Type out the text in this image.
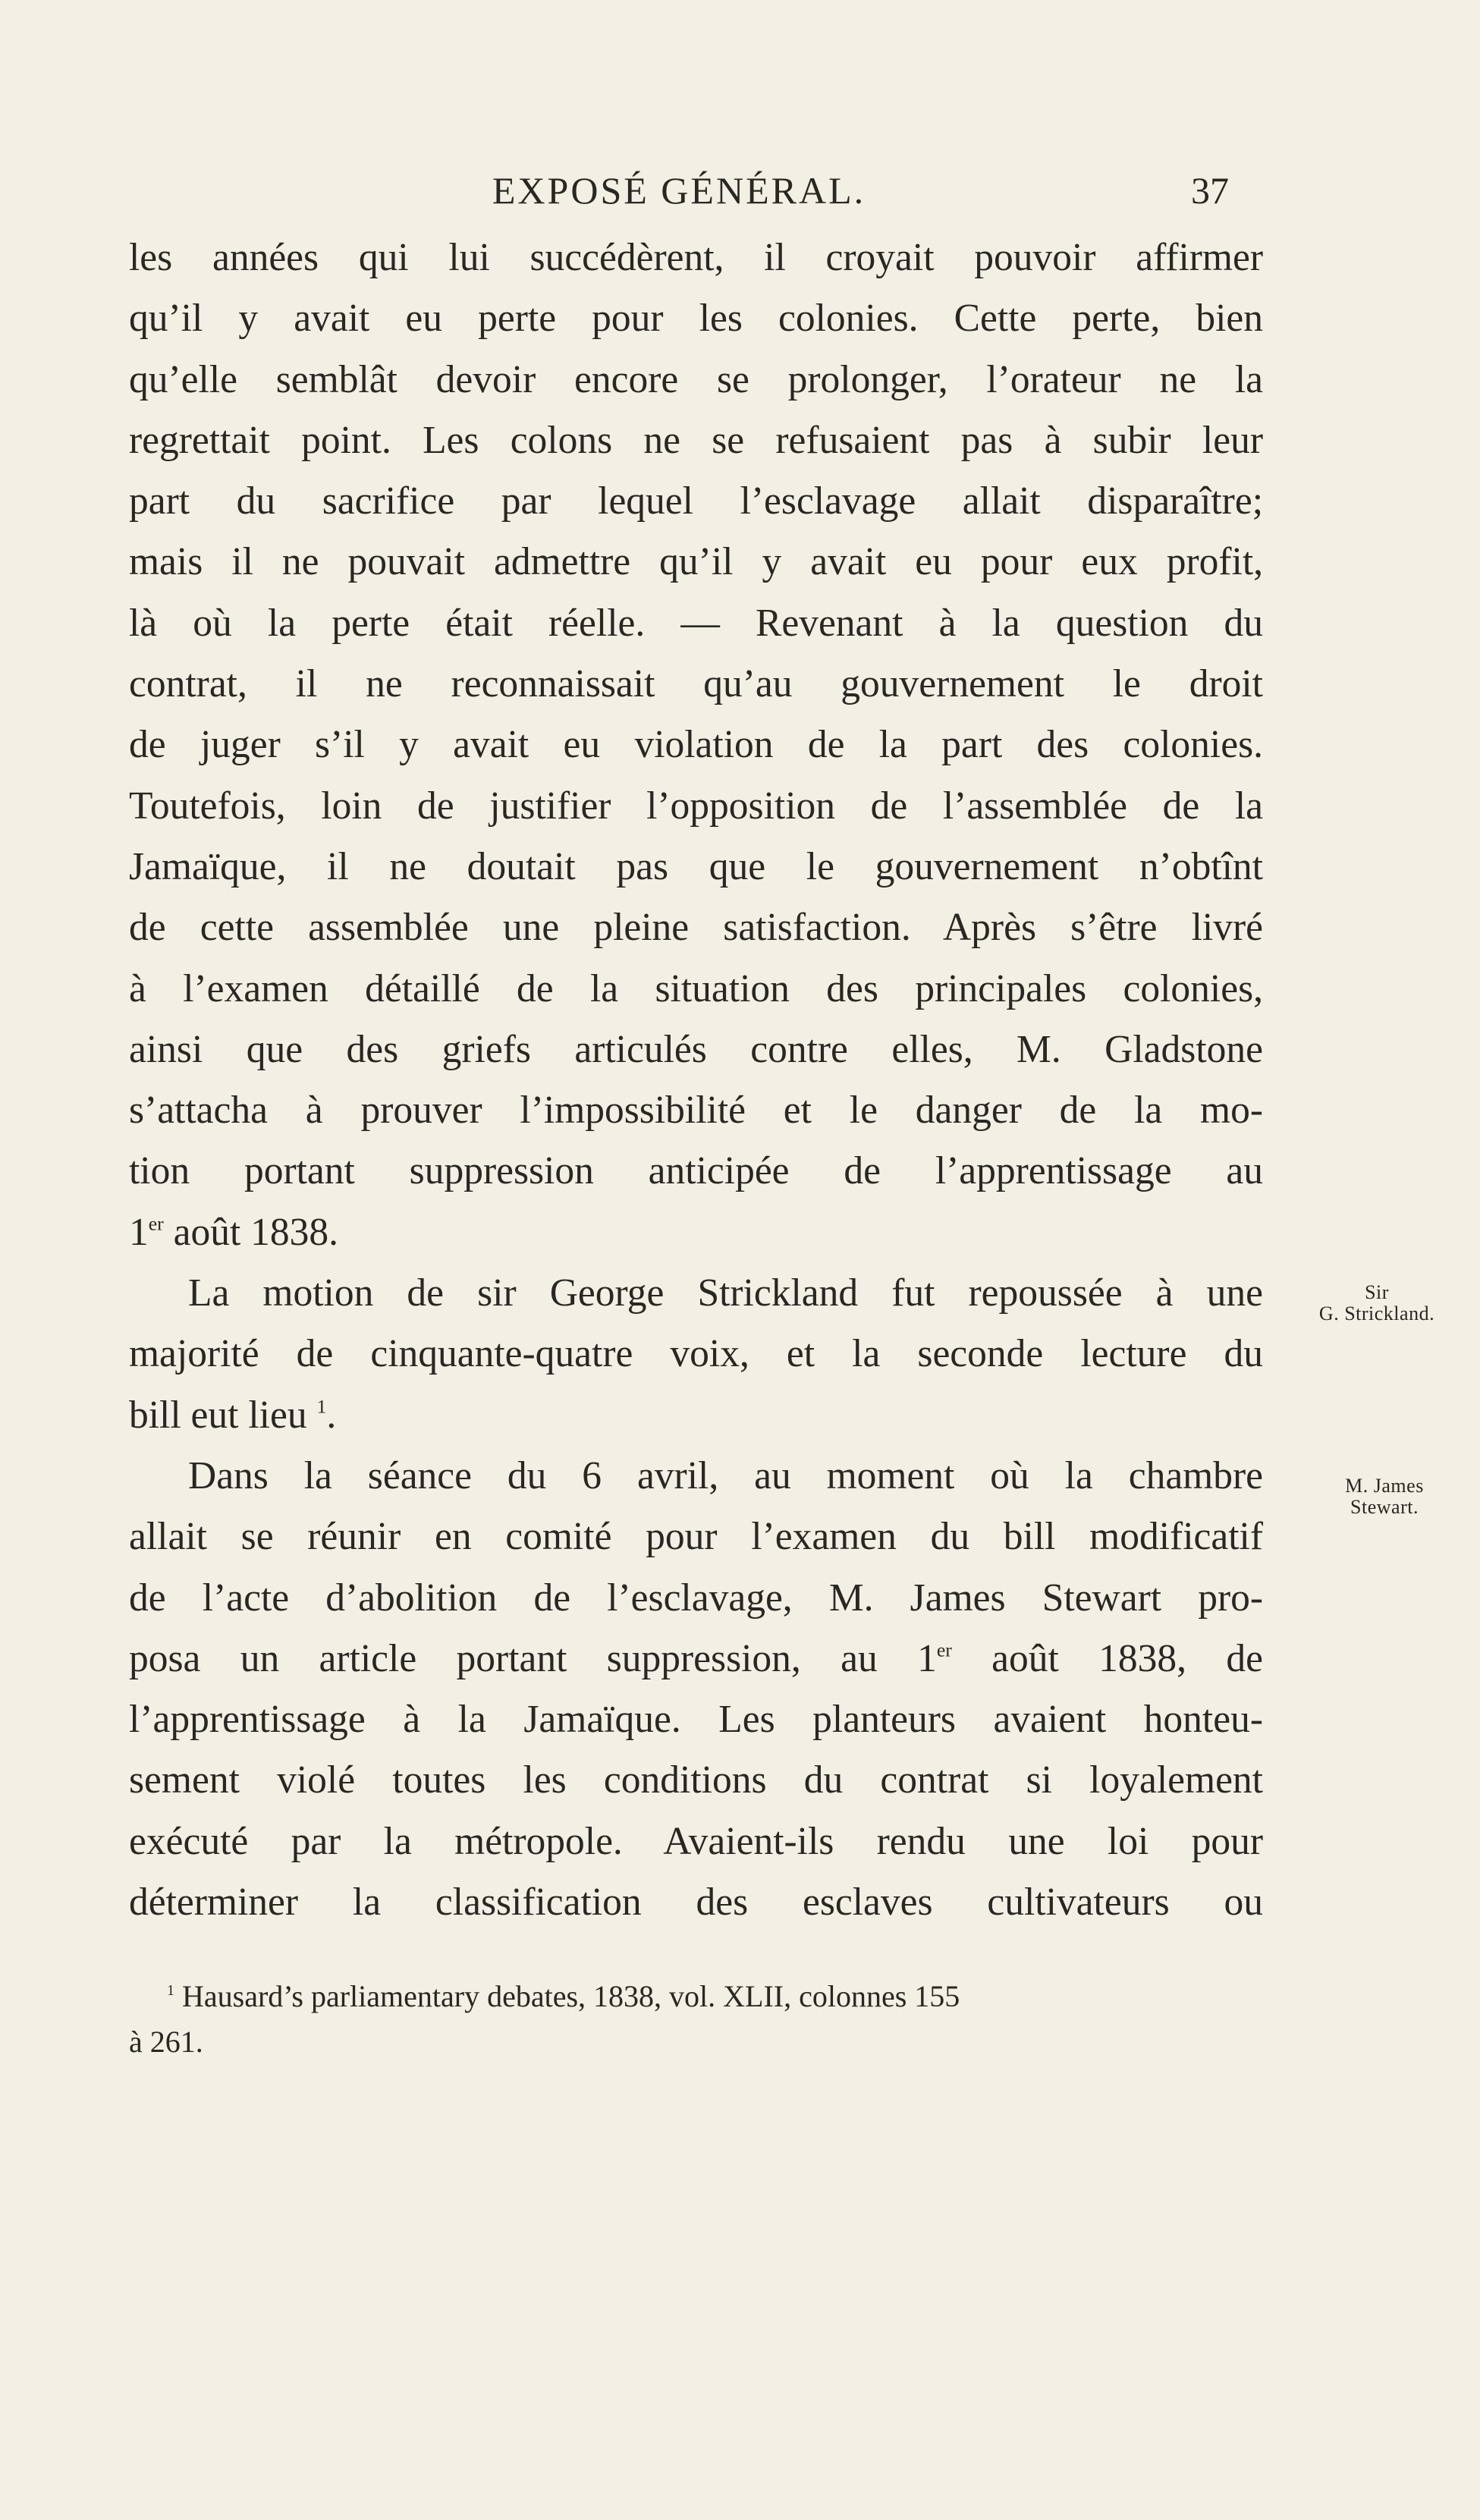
EXPOSÉ GÉNÉRAL.	37
les années qui lui succédèrent, il croyait pouvoir affirmer
qu’il y avait eu perte pour les colonies. Cette perte, bien
qu’elle semblât devoir encore se prolonger, l’orateur ne la
regrettait point. Les colons ne se refusaient pas à subir leur
part du sacrifice par lequel l’esclavage allait disparaître;
mais il ne pouvait admettre qu’il y avait eu pour eux profit,
là où la perte était réelle. — Revenant à la question du
contrat, il ne reconnaissait qu’au gouvernement le droit
de juger s’il y avait eu violation de la part des colonies.
Toutefois, loin de justifier l’opposition de l’assemblée de la
Jamaïque, il ne doutait pas que le gouvernement n’obtînt
de cette assemblée une pleine satisfaction. Après s’être livré
à l’examen détaillé de la situation des principales colonies,
ainsi que des griefs articulés contre elles, M. Gladstone
s’attacha à prouver l’impossibilité et le danger de la mo-
tion portant suppression anticipée de l’apprentissage au
1er août 1838.
La motion de sir George Strickland fut repoussée à une
majorité de cinquante-quatre voix, et la seconde lecture du
bill eut lieu $^1$.
Dans la séance du 6 avril, au moment où la chambre
allait se réunir en comité pour l’examen du bill modificatif
de l’acte d’abolition de l’esclavage, M. James Stewart pro-
posa un article portant suppression, au 1er août 1838, de
l’apprentissage à la Jamaïque. Les planteurs avaient honteu-
sement violé toutes les conditions du contrat si loyalement
exécuté par la métropole. Avaient-ils rendu une loi pour
déterminer la classification des esclaves cultivateurs ou
Sir
G. Strickland.
M. James
Stewart.
$^1$ Hausard’s parliamentary debates, 1838, vol. XLII, colonnes 155
à 261.
